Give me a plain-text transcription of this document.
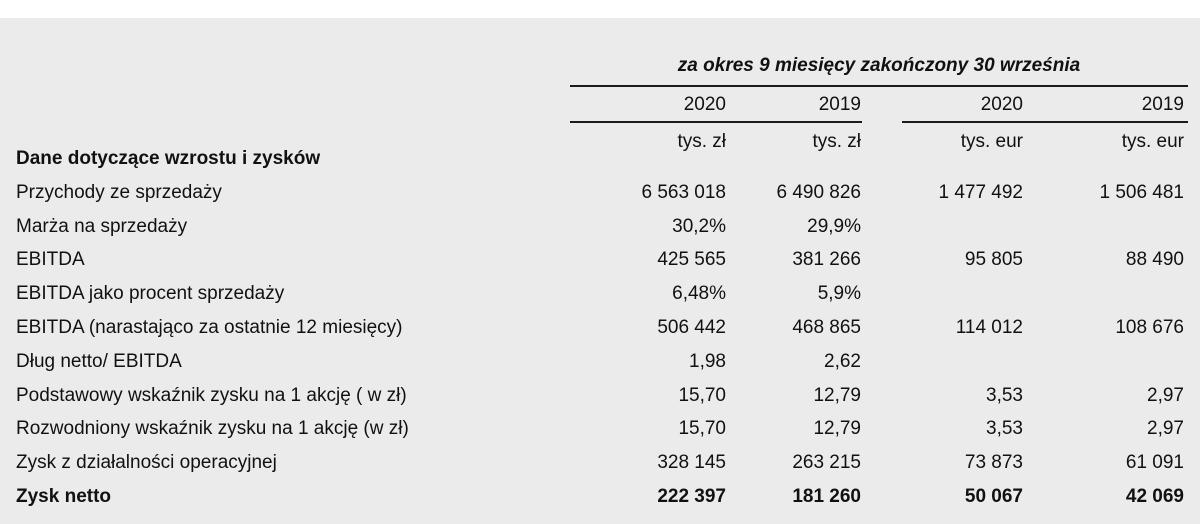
za okres 9 miesięcy zakończony 30 września
2020	2019	2020	2019
tys. zł	tys. zł	tys. eur	tys. eur
Dane dotyczące wzrostu i zysków
Przychody ze sprzedaży	6 563 018	6 490 826	1 477 492	1 506 481
Marża na sprzedaży	30,2%	29,9%
EBITDA	425 565	381 266	95 805	88 490
EBITDA jako procent sprzedaży	6,48%	5,9%
EBITDA (narastająco za ostatnie 12 miesięcy)	506 442	468 865	114 012	108 676
Dług netto/ EBITDA	1,98	2,62
Podstawowy wskaźnik zysku na 1 akcję ( w zł)	15,70	12,79	3,53	2,97
Rozwodniony wskaźnik zysku na 1 akcję (w zł)	15,70	12,79	3,53	2,97
Zysk z działalności operacyjnej	328 145	263 215	73 873	61 091
Zysk netto	222 397	181 260	50 067	42 069
